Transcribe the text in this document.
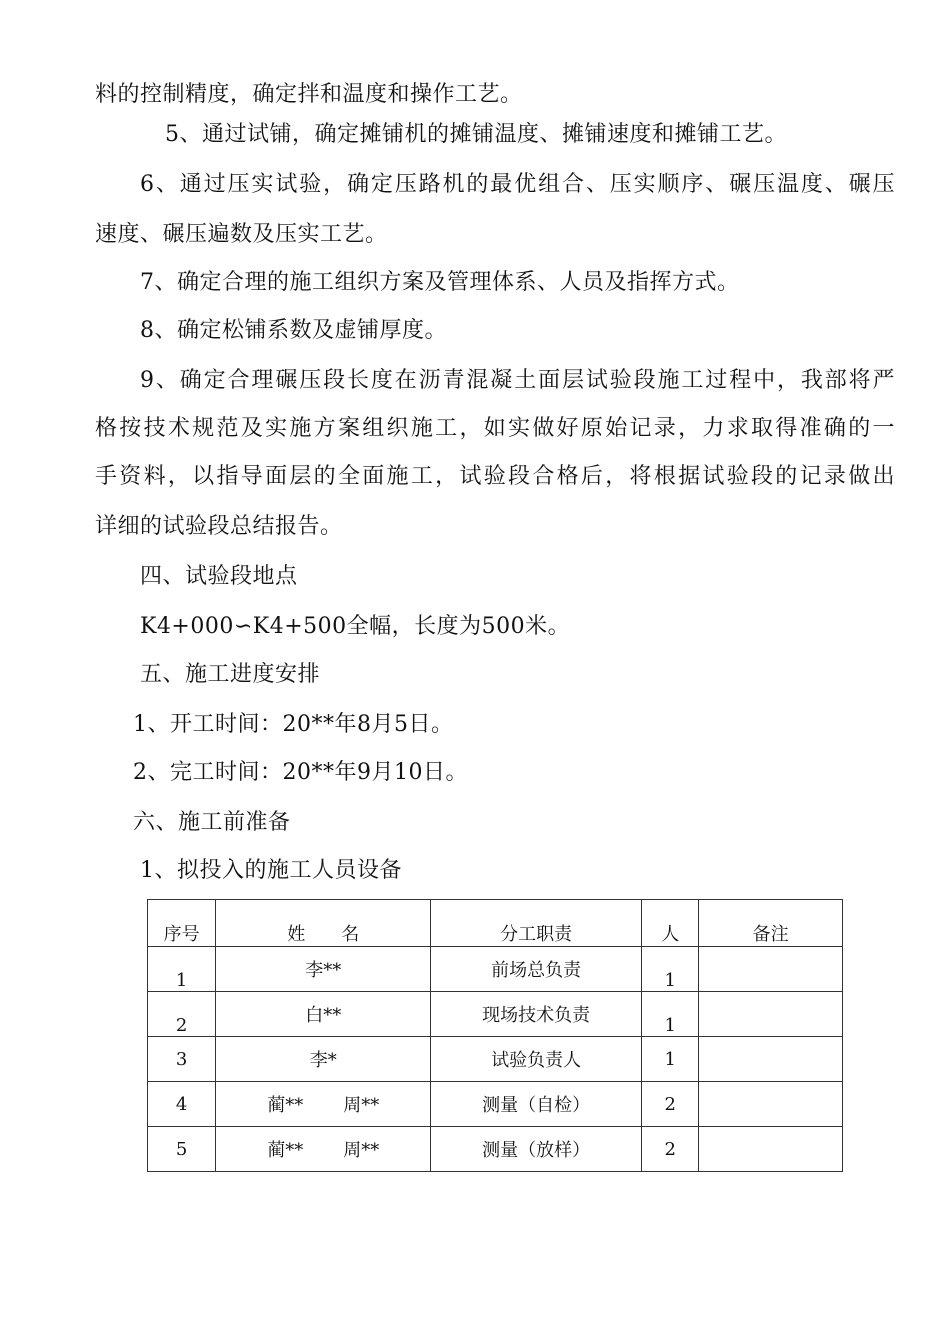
料的控制精度，确定拌和温度和操作工艺。
5、通过试铺，确定摊铺机的摊铺温度、摊铺速度和摊铺工艺。
6、通过压实试验，确定压路机的最优组合、压实顺序、碾压温度、碾压
速度、碾压遍数及压实工艺。
7、确定合理的施工组织方案及管理体系、人员及指挥方式。
8、确定松铺系数及虚铺厚度。
9、确定合理碾压段长度在沥青混凝土面层试验段施工过程中，我部将严
格按技术规范及实施方案组织施工，如实做好原始记录，力求取得准确的一
手资料，以指导面层的全面施工，试验段合格后，将根据试验段的记录做出
详细的试验段总结报告。
四、试验段地点
K4+000∽K4+500全幅，长度为500米。
五、施工进度安排
1、开工时间：20**年8月5日。
2、完工时间：20**年9月10日。
六、施工前准备
1、拟投入的施工人员设备
序号	姓　　名	分工职责	人	备注
1	李**	前场总负责	1	
2	白**	现场技术负责	1	
3	李*	试验负责人	1	
4	蔺** 周**	测量（自检）	2	
5	蔺** 周**	测量（放样）	2	
